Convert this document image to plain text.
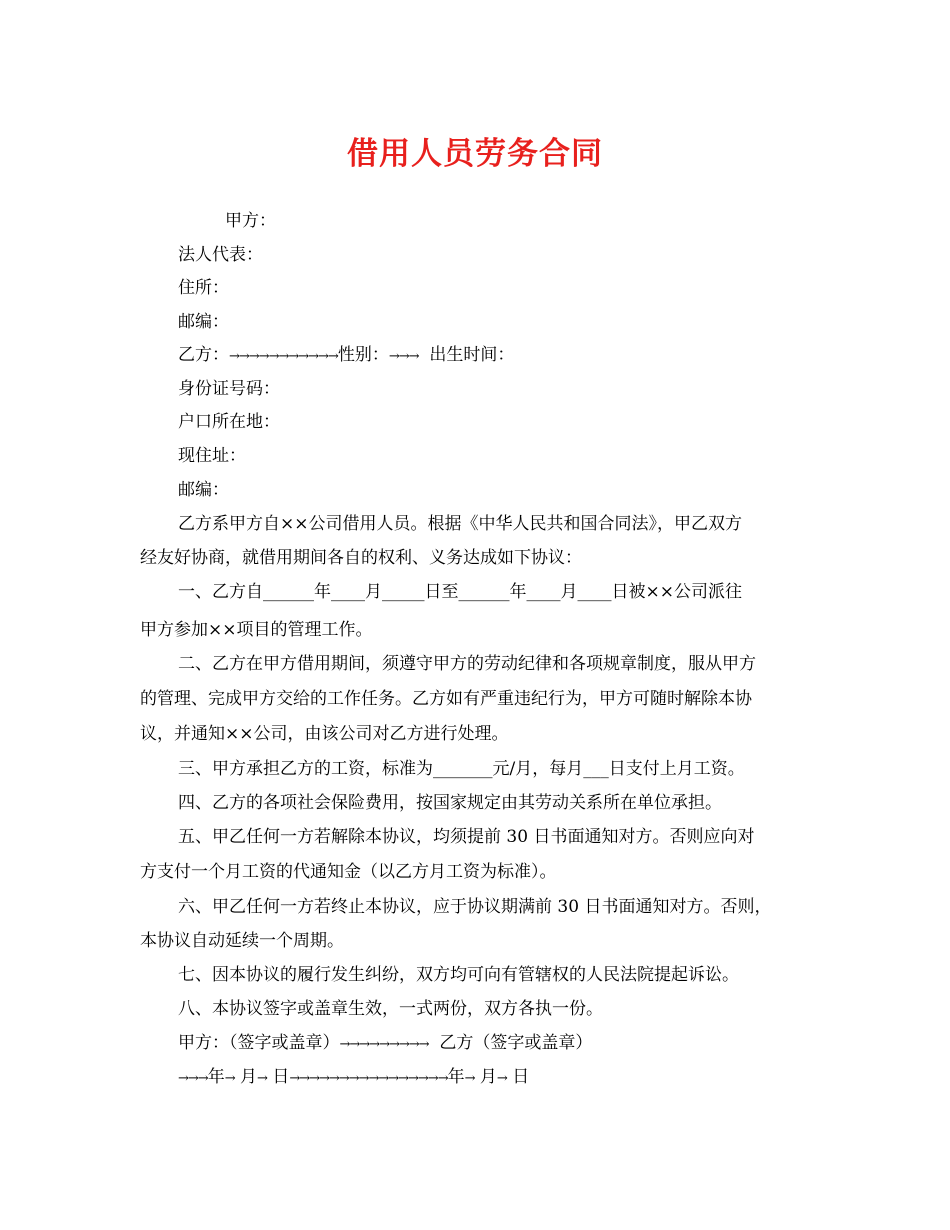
借用人员劳务合同
甲方：
法人代表：
住所：
邮编：
乙方：→→→→→→→→→→→性别：→→→ 出生时间：
身份证号码：
户口所在地：
现住址：
邮编：
乙方系甲方自××公司借用人员。根据《中华人民共和国合同法》，甲乙双方
经友好协商，就借用期间各自的权利、义务达成如下协议：
一、乙方自______年____月_____日至______年____月____日被××公司派往
甲方参加××项目的管理工作。
二、乙方在甲方借用期间，须遵守甲方的劳动纪律和各项规章制度，服从甲方
的管理、完成甲方交给的工作任务。乙方如有严重违纪行为，甲方可随时解除本协
议，并通知××公司，由该公司对乙方进行处理。
三、甲方承担乙方的工资，标准为_______元/月，每月___日支付上月工资。
四、乙方的各项社会保险费用，按国家规定由其劳动关系所在单位承担。
五、甲乙任何一方若解除本协议，均须提前 30 日书面通知对方。否则应向对
方支付一个月工资的代通知金（以乙方月工资为标准）。
六、甲乙任何一方若终止本协议，应于协议期满前 30 日书面通知对方。否则，
本协议自动延续一个周期。
七、因本协议的履行发生纠纷，双方均可向有管辖权的人民法院提起诉讼。
八、本协议签字或盖章生效，一式两份，双方各执一份。
甲方：（签字或盖章）→→→→→→→→→ 乙方（签字或盖章）
→→→年→ 月→ 日→→→→→→→→→→→→→→→→年→ 月→ 日
